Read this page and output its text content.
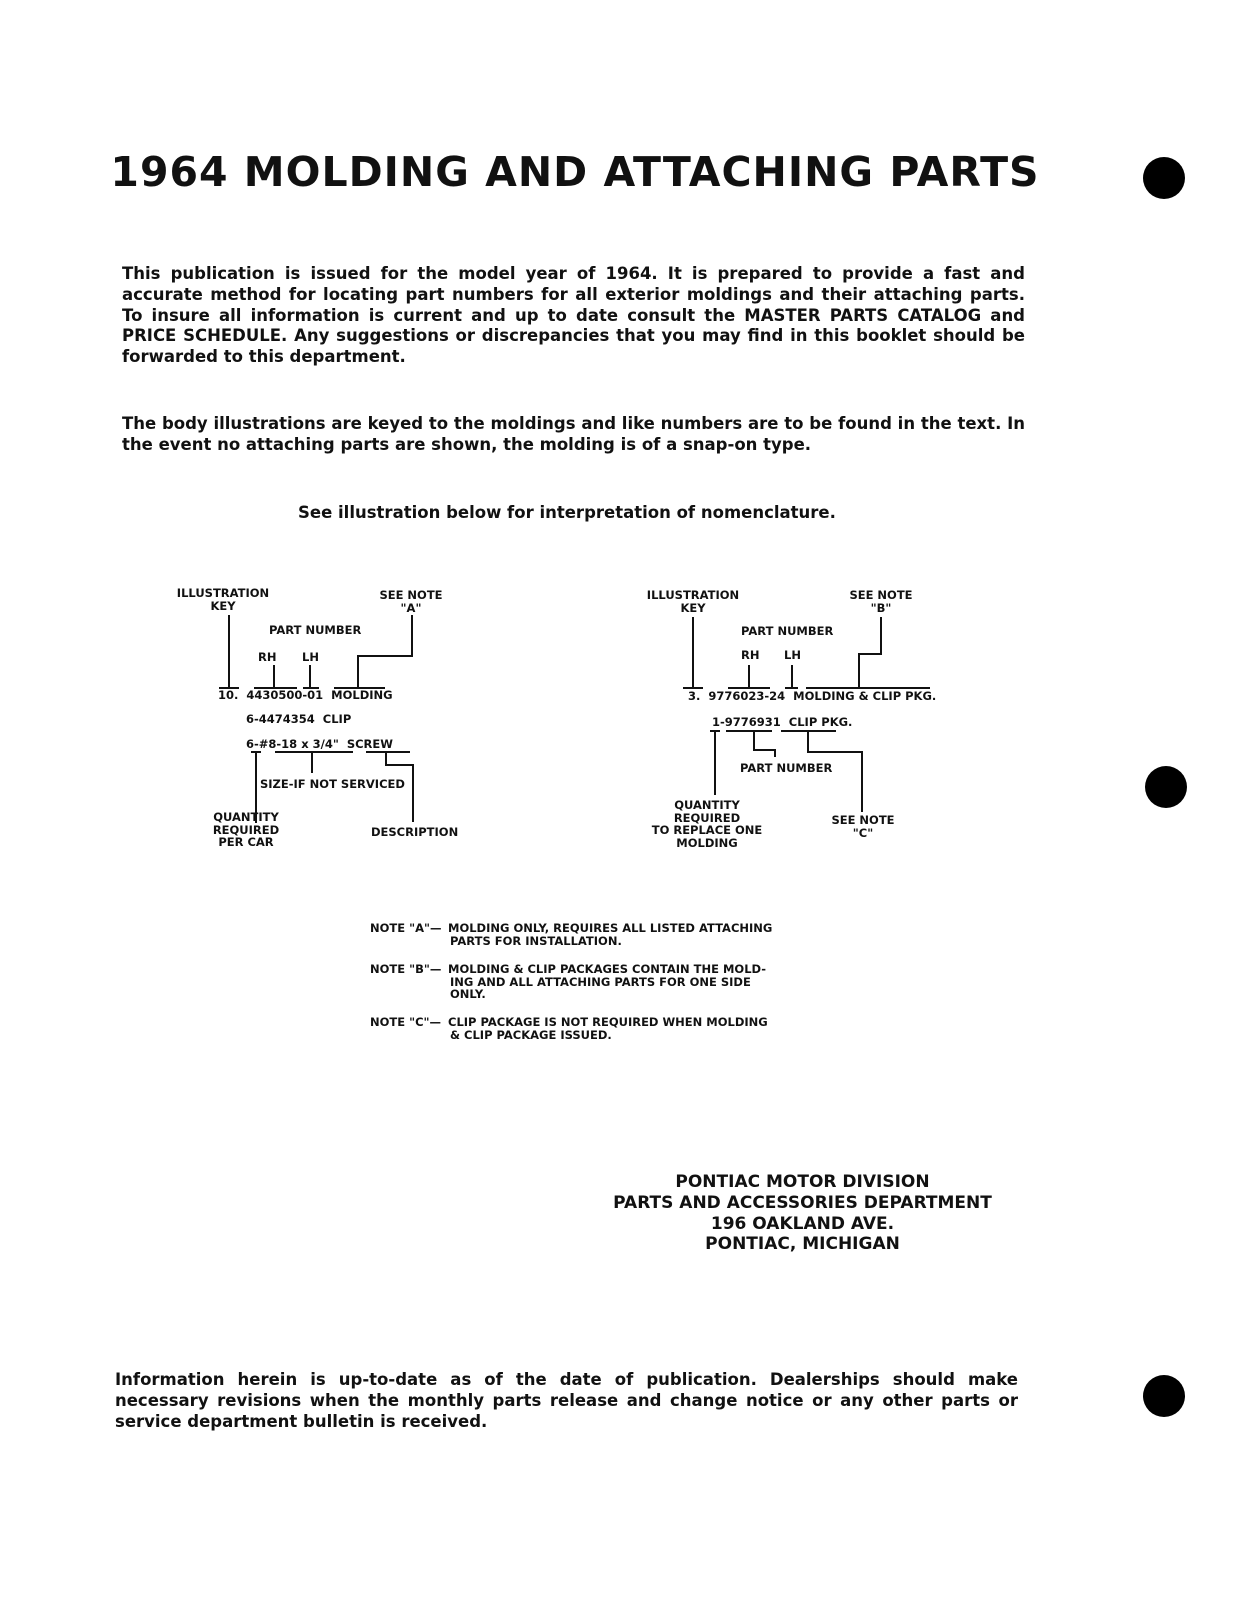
1964 MOLDING AND ATTACHING PARTS
This publication is issued for the model year of 1964. It is prepared to provide a fast and accurate method for locating part numbers for all exterior moldings and their attaching parts. To insure all information is current and up to date consult the MASTER PARTS CATALOG and PRICE SCHEDULE. Any suggestions or discrepancies that you may find in this booklet should be forwarded to this department.
The body illustrations are keyed to the moldings and like numbers are to be found in the text. In the event no attaching parts are shown, the molding is of a snap-on type.
See illustration below for interpretation of nomenclature.
ILLUSTRATION
KEY
SEE NOTE
"A"
PART NUMBER
RH LH
10.  4430500-01  MOLDING
6-4474354  CLIP
6-#8-18 x 3/4"  SCREW
SIZE-IF NOT SERVICED
QUANTITY
REQUIRED
PER CAR
DESCRIPTION
ILLUSTRATION
KEY
SEE NOTE
"B"
PART NUMBER
RH LH
3.  9776023-24  MOLDING & CLIP PKG.
1-9776931  CLIP PKG.
PART NUMBER
QUANTITY
REQUIRED
TO REPLACE ONE
MOLDING
SEE NOTE
"C"
NOTE "A"— MOLDING ONLY, REQUIRES ALL LISTED ATTACHING
PARTS FOR INSTALLATION.
NOTE "B"— MOLDING & CLIP PACKAGES CONTAIN THE MOLD-
ING AND ALL ATTACHING PARTS FOR ONE SIDE
ONLY.
NOTE "C"— CLIP PACKAGE IS NOT REQUIRED WHEN MOLDING
& CLIP PACKAGE ISSUED.
PONTIAC MOTOR DIVISION
PARTS AND ACCESSORIES DEPARTMENT
196 OAKLAND AVE.
PONTIAC, MICHIGAN
Information herein is up-to-date as of the date of publication. Dealerships should make necessary revisions when the monthly parts release and change notice or any other parts or service department bulletin is received.
